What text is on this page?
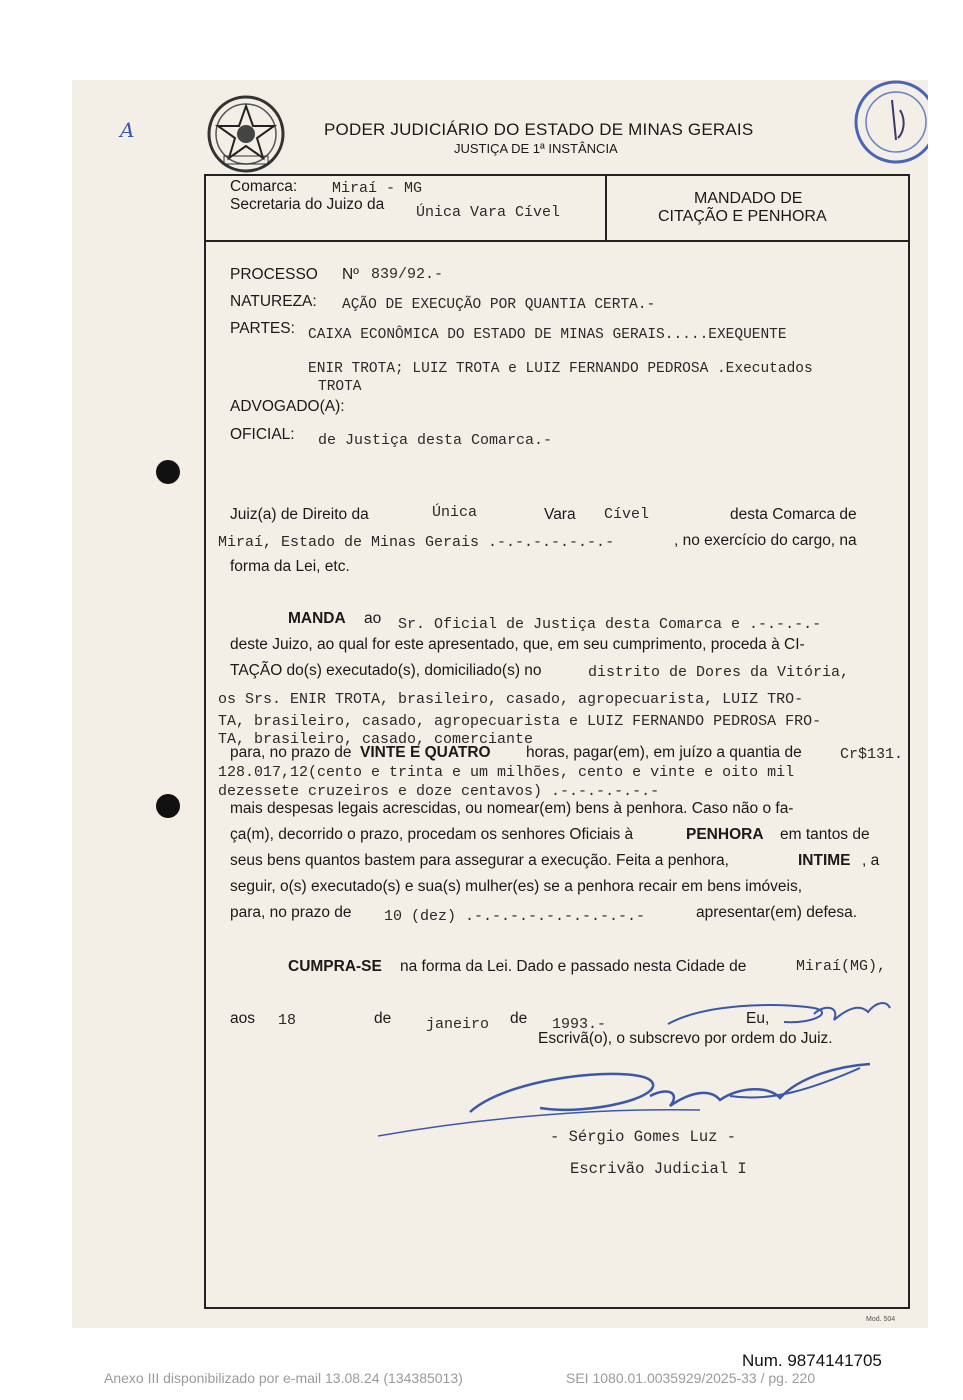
A	PODER JUDICIÁRIO DO ESTADO DE MINAS GERAIS
JUSTIÇA DE 1ª INSTÂNCIA
Comarca: Miraí - MG
Secretaria do Juizo da Única Vara Cível
MANDADO DE
CITAÇÃO E PENHORA
PROCESSO Nº 839/92.-
NATUREZA: AÇÃO DE EXECUÇÃO POR QUANTIA CERTA.-
PARTES: CAIXA ECONÔMICA DO ESTADO DE MINAS GERAIS.....EXEQUENTE
ENIR TROTA; LUIZ TROTA e LUIZ FERNANDO PEDROSA .Executados
TROTA
ADVOGADO(A):
OFICIAL: de Justiça desta Comarca.-
Juiz(a) de Direito da	Única	Vara Cível	desta Comarca de
Miraí, Estado de Minas Gerais .-.-.-.-.-.-.-	, no exercício do cargo, na
forma da Lei, etc.
MANDA ao Sr. Oficial de Justiça desta Comarca e .-.-.-.-
deste Juizo, ao qual for este apresentado, que, em seu cumprimento, proceda à CI-
TAÇÃO do(s) executado(s), domiciliado(s) no	distrito de Dores da Vitória,
os Srs. ENIR TROTA, brasileiro, casado, agropecuarista, LUIZ TRO-
TA, brasileiro, casado, agropecuarista e LUIZ FERNANDO PEDROSA FRO-
TA, brasileiro, casado, comerciante
para, no prazo de VINTE E QUATRO horas, pagar(em), em juízo a quantia de	Cr$131.
128.017,12(cento e trinta e um milhões, cento e vinte e oito mil
dezessete cruzeiros e doze centavos) .-.-.-.-.-.-
mais despesas legais acrescidas, ou nomear(em) bens à penhora. Caso não o fa-
ça(m), decorrido o prazo, procedam os senhores Oficiais à	PENHORA em tantos de
seus bens quantos bastem para assegurar a execução. Feita a penhora,	INTIME , a
seguir, o(s) executado(s) e sua(s) mulher(es) se a penhora recair em bens imóveis,
para, no prazo de 10 (dez) .-.-.-.-.-.-.-.-.-.-	apresentar(em) defesa.
CUMPRA-SE na forma da Lei. Dado e passado nesta Cidade de	Miraí(MG),
aos 18	de janeiro de 1993.-	Eu,
Escrivã(o), o subscrevo por ordem do Juiz.
- Sérgio Gomes Luz -
Escrivão Judicial I
Mod. 504
Num. 9874141705
Anexo III disponibilizado por e-mail 13.08.24 (134385013)	SEI 1080.01.0035929/2025-33 / pg. 220
